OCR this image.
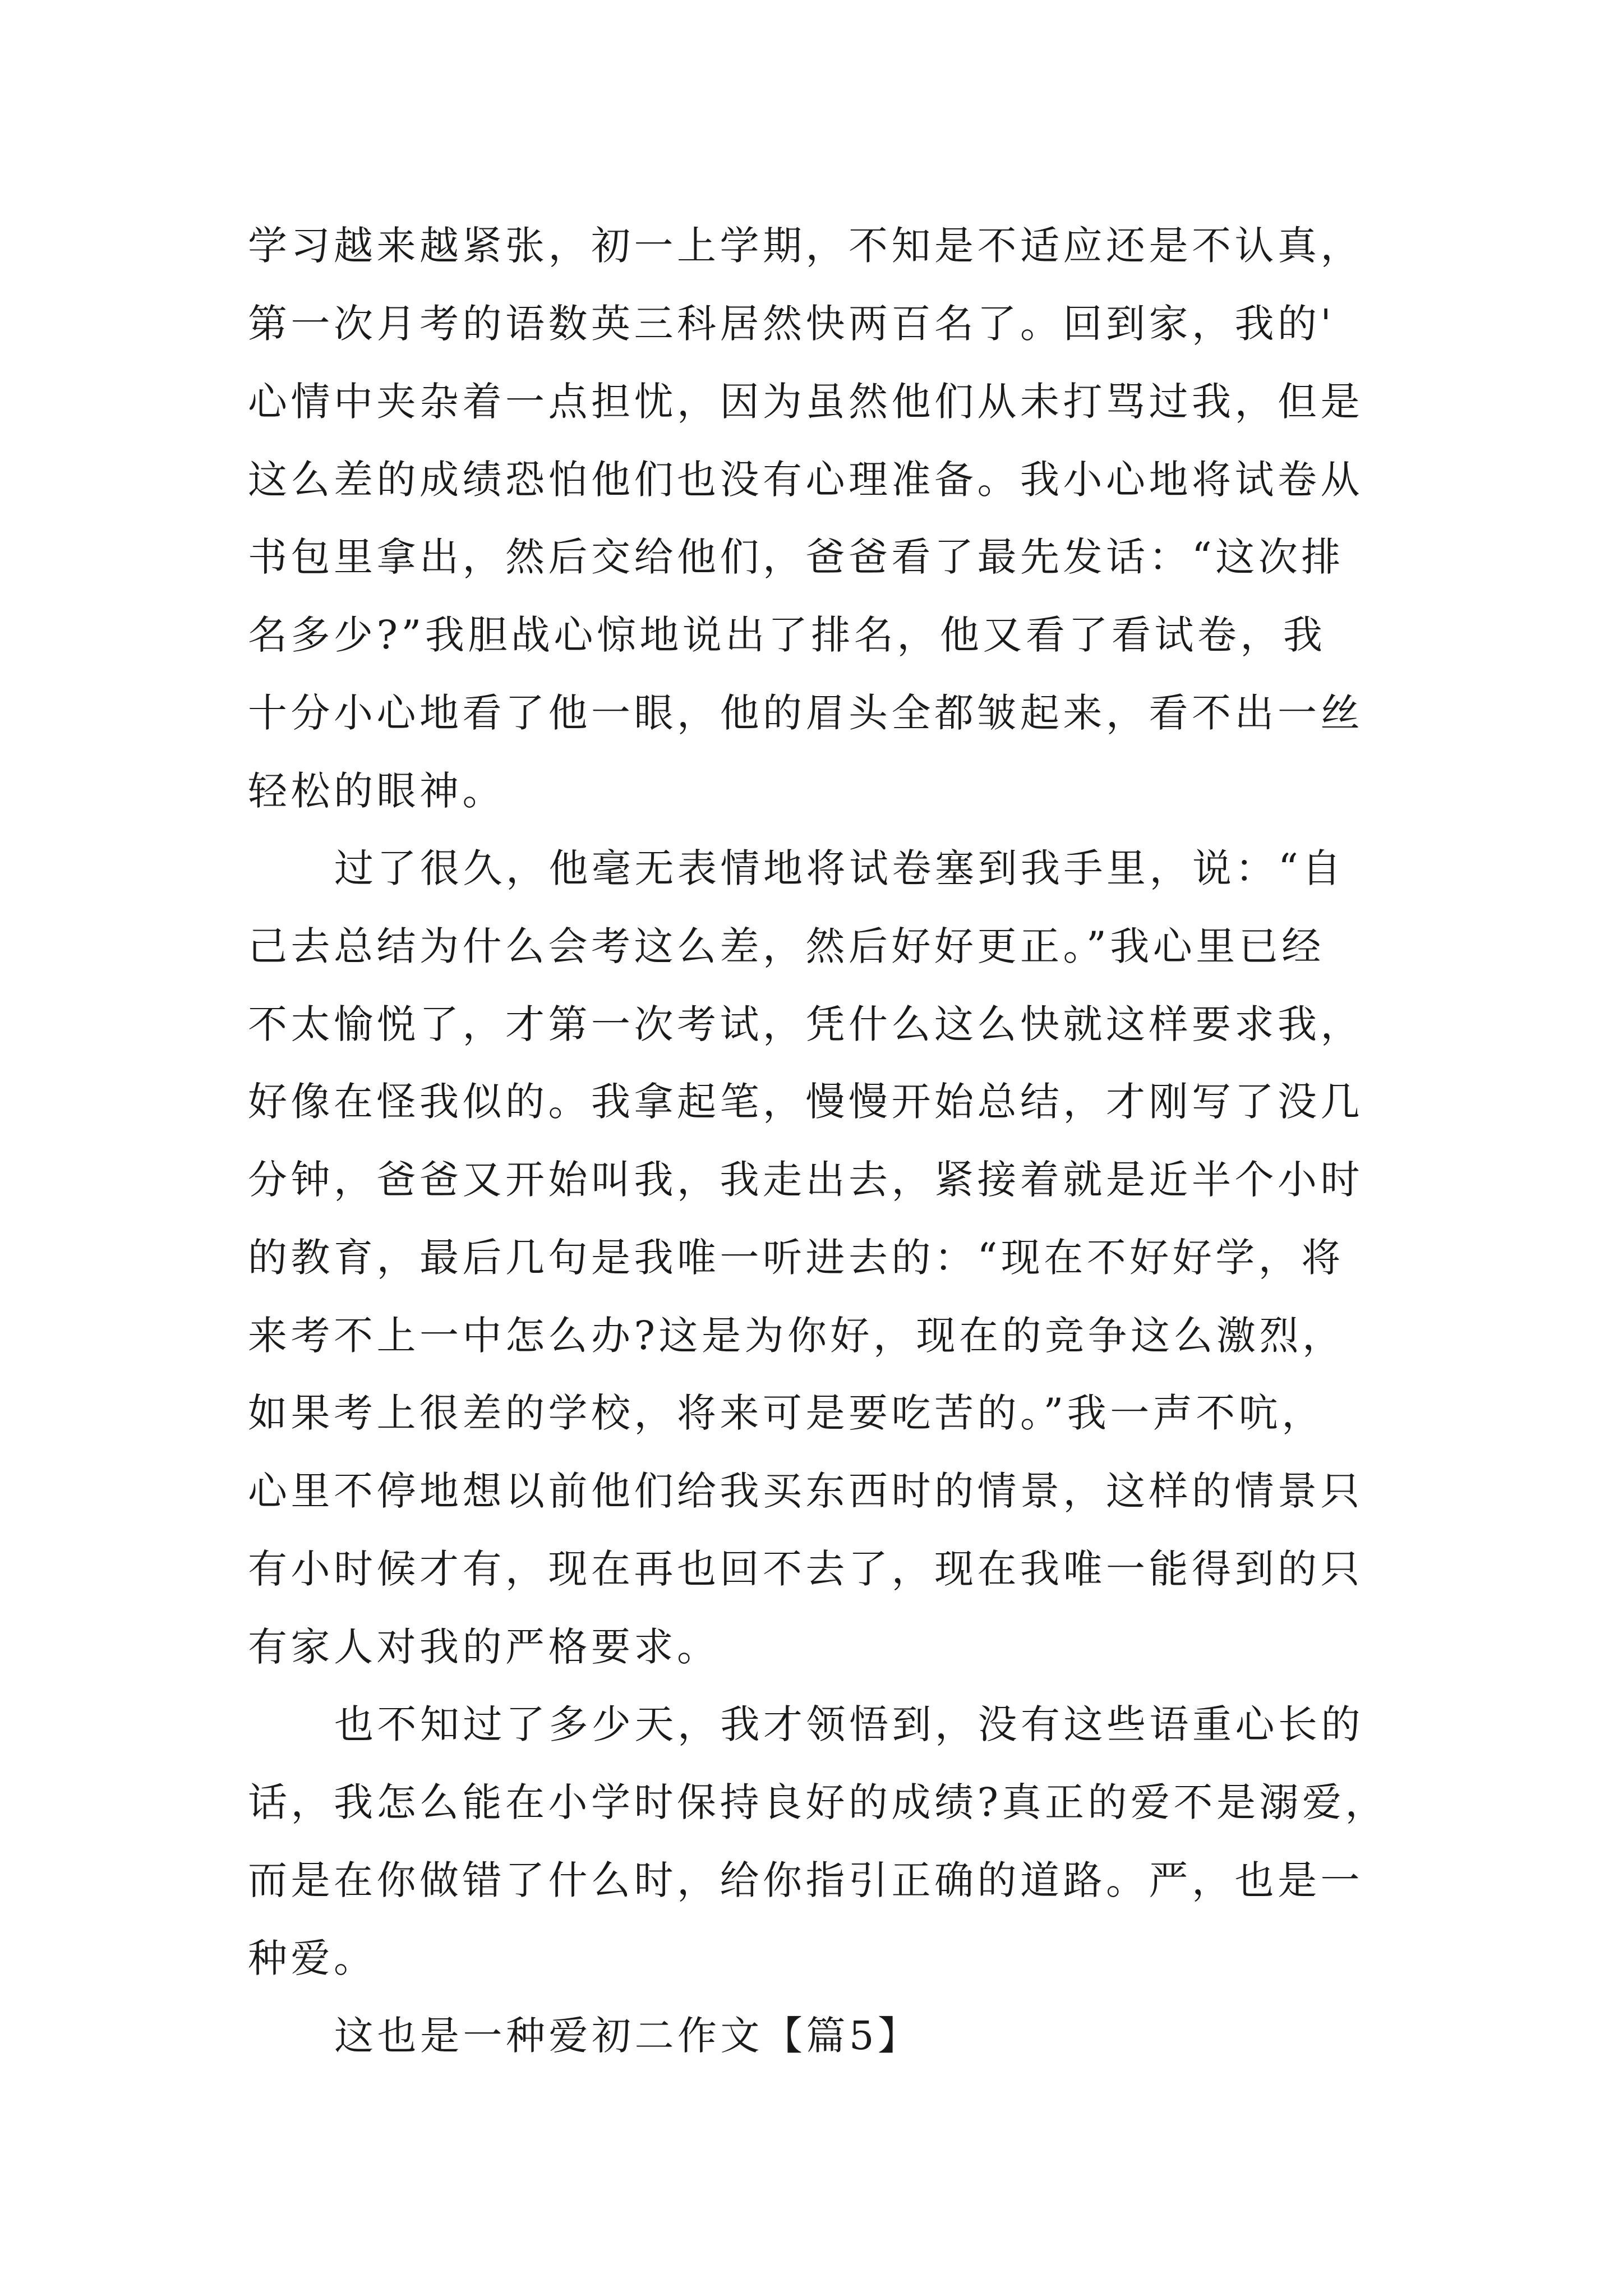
学习越来越紧张，初一上学期，不知是不适应还是不认真，
第一次月考的语数英三科居然快两百名了。回到家，我的'
心情中夹杂着一点担忧，因为虽然他们从未打骂过我，但是
这么差的成绩恐怕他们也没有心理准备。我小心地将试卷从
书包里拿出，然后交给他们，爸爸看了最先发话：“这次排
名多少?”我胆战心惊地说出了排名，他又看了看试卷，我
十分小心地看了他一眼，他的眉头全都皱起来，看不出一丝
轻松的眼神。
过了很久，他毫无表情地将试卷塞到我手里，说：“自
己去总结为什么会考这么差，然后好好更正。”我心里已经
不太愉悦了，才第一次考试，凭什么这么快就这样要求我，
好像在怪我似的。我拿起笔，慢慢开始总结，才刚写了没几
分钟，爸爸又开始叫我，我走出去，紧接着就是近半个小时
的教育，最后几句是我唯一听进去的：“现在不好好学，将
来考不上一中怎么办?这是为你好，现在的竞争这么激烈，
如果考上很差的学校，将来可是要吃苦的。”我一声不吭，
心里不停地想以前他们给我买东西时的情景，这样的情景只
有小时候才有，现在再也回不去了，现在我唯一能得到的只
有家人对我的严格要求。
也不知过了多少天，我才领悟到，没有这些语重心长的
话，我怎么能在小学时保持良好的成绩?真正的爱不是溺爱，
而是在你做错了什么时，给你指引正确的道路。严，也是一
种爱。
这也是一种爱初二作文【篇5】
